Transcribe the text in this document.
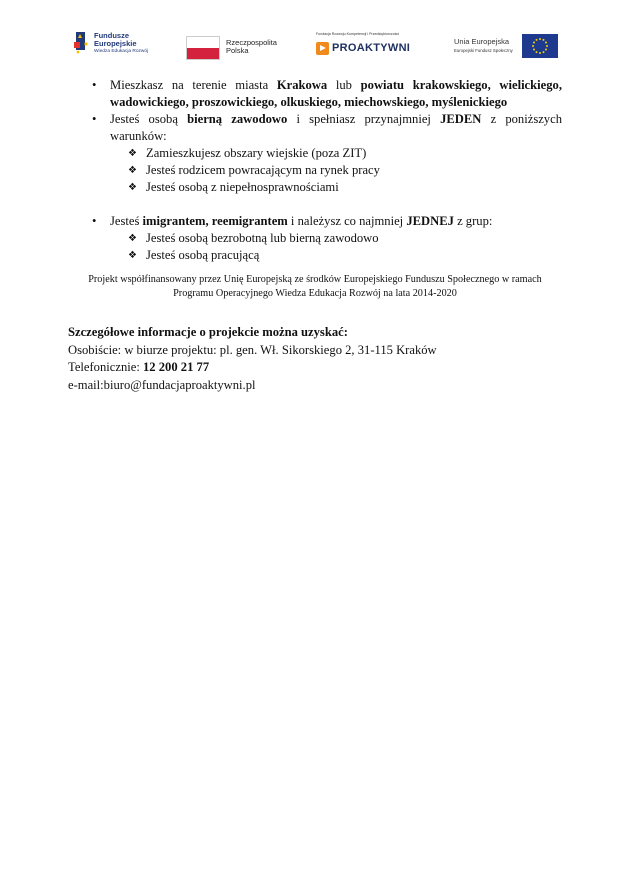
Fundusze
Europejskie
Wiedza Edukacja Rozwój
Rzeczpospolita
Polska
Fundacja Rozwoju Kompetencji i Przedsiębiorczości
PROAKTYWNI
Unia Europejska
Europejski Fundusz Społeczny
• Mieszkasz na terenie miasta Krakowa lub powiatu krakowskiego, wielickiego, wadowickiego, proszowickiego, olkuskiego, miechowskiego, myślenickiego
• Jesteś osobą bierną zawodowo i spełniasz przynajmniej JEDEN z poniższych warunków:
❖ Zamieszkujesz obszary wiejskie (poza ZIT)
❖ Jesteś rodzicem powracającym na rynek pracy
❖ Jesteś osobą z niepełnosprawnościami
• Jesteś imigrantem, reemigrantem i należysz co najmniej JEDNEJ z grup:
❖ Jesteś osobą bezrobotną lub bierną zawodowo
❖ Jesteś osobą pracującą
Projekt współfinansowany przez Unię Europejską ze środków Europejskiego Funduszu Społecznego w ramach
Programu Operacyjnego Wiedza Edukacja Rozwój na lata 2014-2020
Szczegółowe informacje o projekcie można uzyskać:
Osobiście: w biurze projektu: pl. gen. Wł. Sikorskiego 2, 31-115 Kraków
Telefonicznie: 12 200 21 77
e-mail:biuro@fundacjaproaktywni.pl
